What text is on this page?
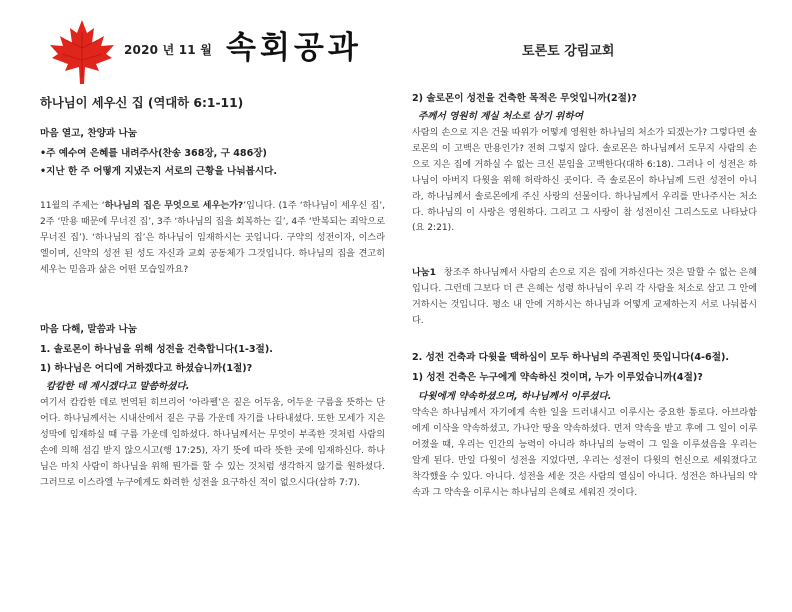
2020 년 11 월 속회공과	토론토 강림교회
하나님이 세우신 집 (역대하 6:1-11)
마음 열고, 찬양과 나눔
•주 예수여 은혜를 내려주사(찬송 368장, 구 486장)
•지난 한 주 어떻게 지냈는지 서로의 근황을 나눠봅시다.
11월의 주제는 ‘하나님의 집은 무엇으로 세우는가?’입니다. (1주 ‘하나님이 세우신 집’, 2주 ‘만용 때문에 무너진 집’, 3주 ‘하나님의 집을 회복하는 길’, 4주 ‘반복되는 죄악으로 무너진 집’). ‘하나님의 집’은 하나님이 임재하시는 곳입니다. 구약의 성전이자, 이스라엘이며, 신약의 성전 된 성도 자신과 교회 공동체가 그것입니다. 하나님의 집을 견고히 세우는 믿음과 삶은 어떤 모습일까요?
마음 다해, 말씀과 나눔
1. 솔로몬이 하나님을 위해 성전을 건축합니다(1-3절).
1) 하나님은 어디에 거하겠다고 하셨습니까(1절)?
캄캄한 데 계시겠다고 말씀하셨다.
여기서 캄캄한 데로 번역된 히브리어 ‘아라펠’은 짙은 어두움, 어두운 구름을 뜻하는 단어다. 하나님께서는 시내산에서 짙은 구름 가운데 자기를 나타내셨다. 또한 모세가 지은 성막에 임재하실 때 구름 가운데 임하셨다. 하나님께서는 무엇이 부족한 것처럼 사람의 손에 의해 섬김 받지 않으시고(행 17:25), 자기 뜻에 따라 뜻한 곳에 임재하신다. 하나님은 마치 사람이 하나님을 위해 뭔가를 할 수 있는 것처럼 생각하지 않기를 원하셨다. 그러므로 이스라엘 누구에게도 화려한 성전을 요구하신 적이 없으시다(삼하 7:7).
2) 솔로몬이 성전을 건축한 목적은 무엇입니까(2절)?
주께서 영원히 계실 처소로 삼기 위하여
사람의 손으로 지은 건물 따위가 어떻게 영원한 하나님의 처소가 되겠는가? 그렇다면 솔로몬의 이 고백은 만용인가? 전혀 그렇지 않다. 솔로몬은 하나님께서 도무지 사람의 손으로 지은 집에 거하실 수 없는 크신 분임을 고백한다(대하 6:18). 그러나 이 성전은 하나님이 아버지 다윗을 위해 허락하신 곳이다. 즉 솔로몬이 하나님께 드린 성전이 아니라, 하나님께서 솔로몬에게 주신 사랑의 선물이다. 하나님께서 우리를 만나주시는 처소다. 하나님의 이 사랑은 영원하다. 그리고 그 사랑이 참 성전이신 그리스도로 나타났다(요 2:21).
나눔1 창조주 하나님께서 사람의 손으로 지은 집에 거하신다는 것은 말할 수 없는 은혜입니다. 그런데 그보다 더 큰 은혜는 성령 하나님이 우리 각 사람을 처소로 삼고 그 안에 거하시는 것입니다. 평소 내 안에 거하시는 하나님과 어떻게 교제하는지 서로 나눠봅시다.
2. 성전 건축과 다윗을 택하심이 모두 하나님의 주권적인 뜻입니다(4-6절).
1) 성전 건축은 누구에게 약속하신 것이며, 누가 이루었습니까(4절)?
다윗에게 약속하셨으며, 하나님께서 이루셨다.
약속은 하나님께서 자기에게 속한 일을 드러내시고 이루시는 중요한 통로다. 아브라함에게 이삭을 약속하셨고, 가나안 땅을 약속하셨다. 먼저 약속을 받고 후에 그 일이 이루어졌을 때, 우리는 인간의 능력이 아니라 하나님의 능력이 그 일을 이루셨음을 우리는 알게 된다. 만일 다윗이 성전을 지었다면, 우리는 성전이 다윗의 헌신으로 세워졌다고 착각했을 수 있다. 아니다. 성전을 세운 것은 사람의 열심이 아니다. 성전은 하나님의 약속과 그 약속을 이루시는 하나님의 은혜로 세워진 것이다.
